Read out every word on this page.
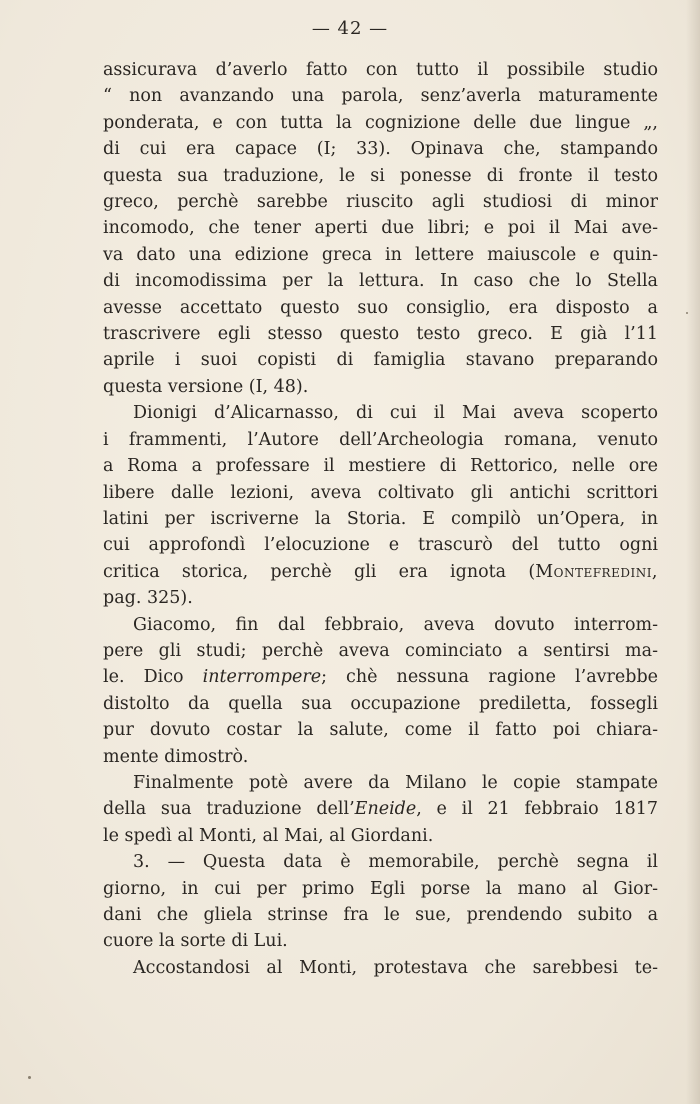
— 42 —
assicurava d’averlo fatto con tutto il possibile studio
“ non avanzando una parola, senz’averla maturamente
ponderata, e con tutta la cognizione delle due lingue „,
di cui era capace (I; 33). Opinava che, stampando
questa sua traduzione, le si ponesse di fronte il testo
greco, perchè sarebbe riuscito agli studiosi di minor
incomodo, che tener aperti due libri; e poi il Mai ave-
va dato una edizione greca in lettere maiuscole e quin-
di incomodissima per la lettura. In caso che lo Stella
avesse accettato questo suo consiglio, era disposto a
trascrivere egli stesso questo testo greco. E già l’11
aprile i suoi copisti di famiglia stavano preparando
questa versione (I, 48).
Dionigi d’Alicarnasso, di cui il Mai aveva scoperto
i frammenti, l’Autore dell’Archeologia romana, venuto
a Roma a professare il mestiere di Rettorico, nelle ore
libere dalle lezioni, aveva coltivato gli antichi scrittori
latini per iscriverne la Storia. E compilò un’Opera, in
cui approfondì l’elocuzione e trascurò del tutto ogni
critica storica, perchè gli era ignota (Montefredini,
pag. 325).
Giacomo, fin dal febbraio, aveva dovuto interrom-
pere gli studi; perchè aveva cominciato a sentirsi ma-
le. Dico interrompere; chè nessuna ragione l’avrebbe
distolto da quella sua occupazione prediletta, fossegli
pur dovuto costar la salute, come il fatto poi chiara-
mente dimostrò.
Finalmente potè avere da Milano le copie stampate
della sua traduzione dell’Eneide, e il 21 febbraio 1817
le spedì al Monti, al Mai, al Giordani.
3. — Questa data è memorabile, perchè segna il
giorno, in cui per primo Egli porse la mano al Gior-
dani che gliela strinse fra le sue, prendendo subito a
cuore la sorte di Lui.
Accostandosi al Monti, protestava che sarebbesi te-
